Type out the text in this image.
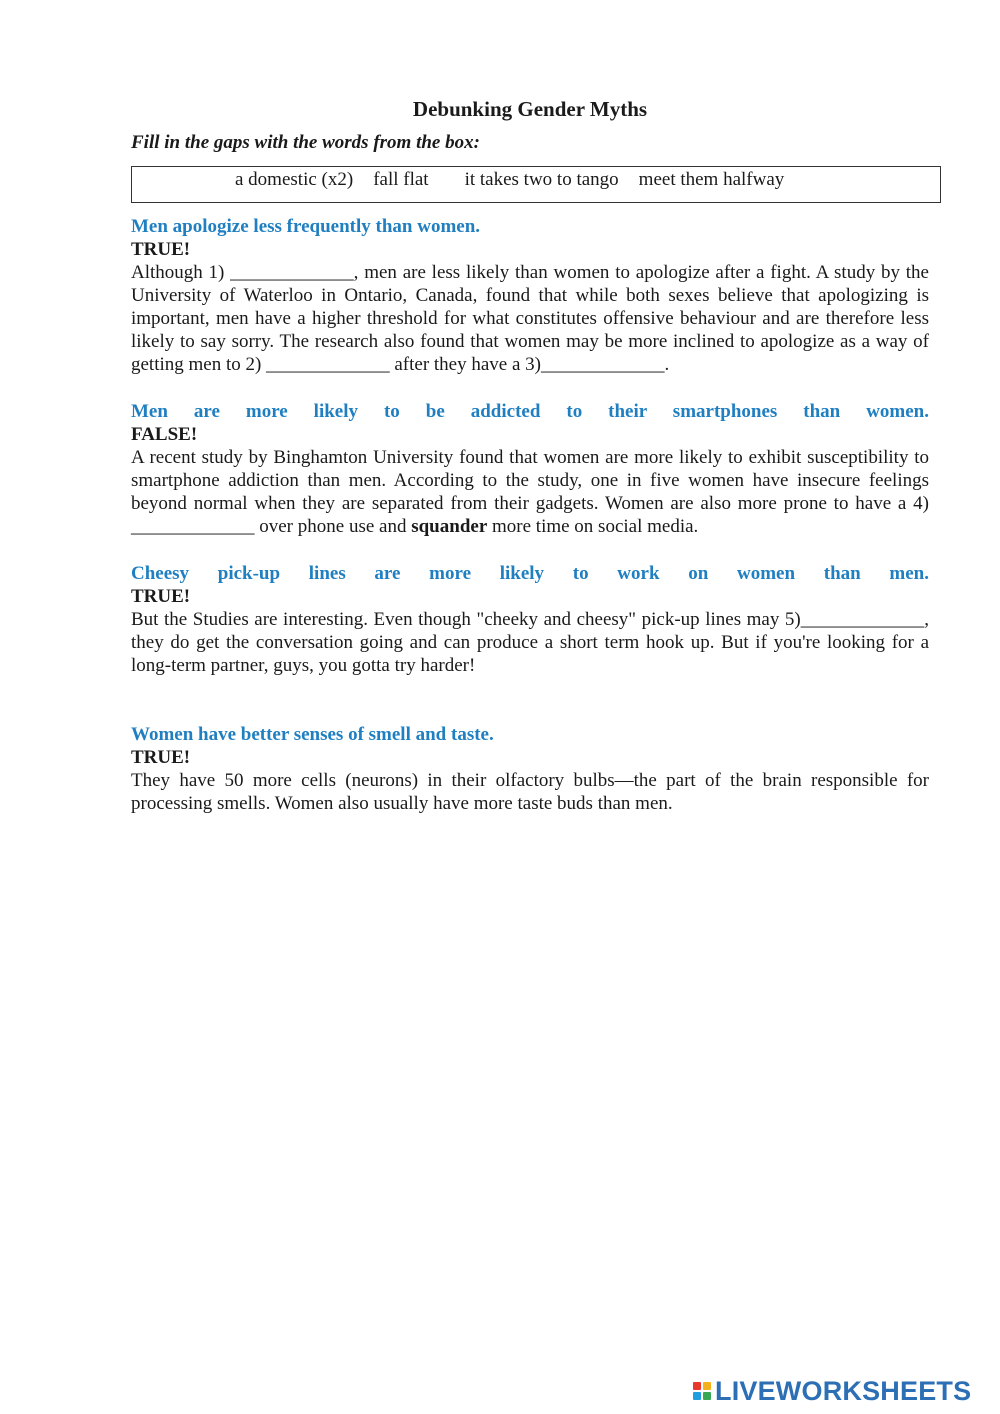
Debunking Gender Myths

Fill in the gaps with the words from the box:

a domestic (x2) fall flat it takes two to tango meet them halfway

Men apologize less frequently than women.

TRUE!

Although 1) _____________, men are less likely than women to apologize after a fight. A study by the University of Waterloo in Ontario, Canada, found that while both sexes believe that apologizing is important, men have a higher threshold for what constitutes offensive behaviour and are therefore less likely to say sorry. The research also found that women may be more inclined to apologize as a way of getting men to 2) _____________ after they have a 3)_____________.

Men are more likely to be addicted to their smartphones than women.

FALSE!

A recent study by Binghamton University found that women are more likely to exhibit susceptibility to smartphone addiction than men. According to the study, one in five women have insecure feelings beyond normal when they are separated from their gadgets. Women are also more prone to have a 4) _____________ over phone use and squander more time on social media.

Cheesy pick-up lines are more likely to work on women than men.

TRUE!

But the Studies are interesting. Even though "cheeky and cheesy" pick-up lines may 5)_____________, they do get the conversation going and can produce a short term hook up. But if you're looking for a long-term partner, guys, you gotta try harder!

Women have better senses of smell and taste.

TRUE!

They have 50 more cells (neurons) in their olfactory bulbs—the part of the brain responsible for processing smells. Women also usually have more taste buds than men.

LIVEWORKSHEETS
